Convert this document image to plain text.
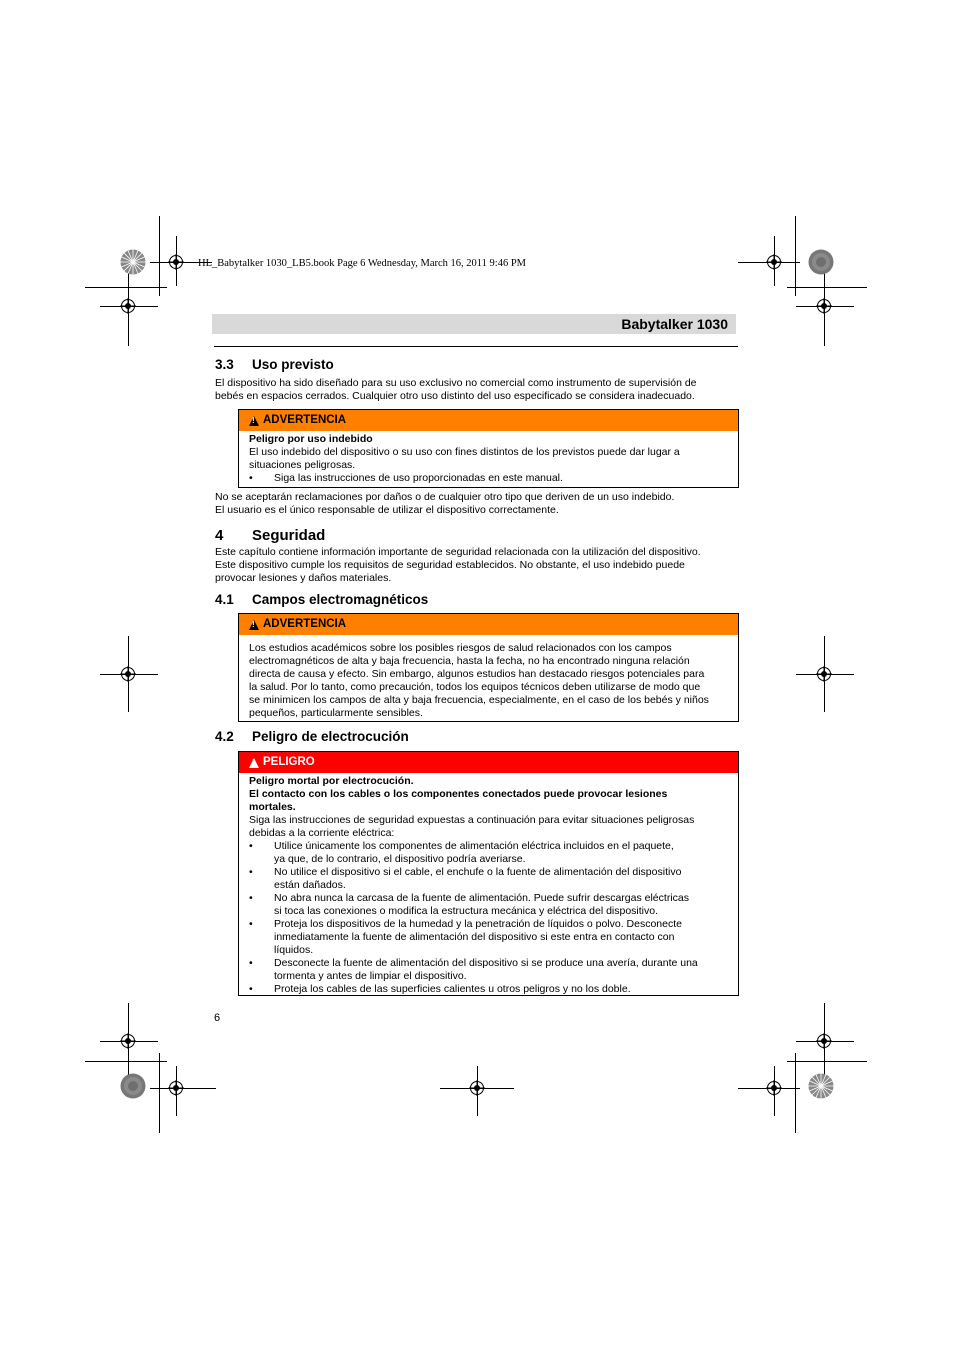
HL_Babytalker 1030_LB5.book Page 6 Wednesday, March 16, 2011 9:46 PM
Babytalker 1030
3.3 Uso previsto

El dispositivo ha sido diseñado para su uso exclusivo no comercial como instrumento de supervisión de

bebés en espacios cerrados. Cualquier otro uso distinto del uso especificado se considera inadecuado.

!
ADVERTENCIA
Peligro por uso indebido
El uso indebido del dispositivo o su uso con fines distintos de los previstos puede dar lugar a
situaciones peligrosas.
• Siga las instrucciones de uso proporcionadas en este manual.

No se aceptarán reclamaciones por daños o de cualquier otro tipo que deriven de un uso indebido.

El usuario es el único responsable de utilizar el dispositivo correctamente.

4 Seguridad

Este capítulo contiene información importante de seguridad relacionada con la utilización del dispositivo.

Este dispositivo cumple los requisitos de seguridad establecidos. No obstante, el uso indebido puede

provocar lesiones y daños materiales.

4.1 Campos electromagnéticos
!
ADVERTENCIA
Los estudios académicos sobre los posibles riesgos de salud relacionados con los campos
electromagnéticos de alta y baja frecuencia, hasta la fecha, no ha encontrado ninguna relación
directa de causa y efecto. Sin embargo, algunos estudios han destacado riesgos potenciales para
la salud. Por lo tanto, como precaución, todos los equipos técnicos deben utilizarse de modo que
se minimicen los campos de alta y baja frecuencia, especialmente, en el caso de los bebés y niños
pequeños, particularmente sensibles.
4.2 Peligro de electrocución
!
PELIGRO
Peligro mortal por electrocución.
El contacto con los cables o los componentes conectados puede provocar lesiones
mortales.
Siga las instrucciones de seguridad expuestas a continuación para evitar situaciones peligrosas
debidas a la corriente eléctrica:
• Utilice únicamente los componentes de alimentación eléctrica incluidos en el paquete,
ya que, de lo contrario, el dispositivo podría averiarse.
• No utilice el dispositivo si el cable, el enchufe o la fuente de alimentación del dispositivo
están dañados.
• No abra nunca la carcasa de la fuente de alimentación. Puede sufrir descargas eléctricas
si toca las conexiones o modifica la estructura mecánica y eléctrica del dispositivo.
• Proteja los dispositivos de la humedad y la penetración de líquidos o polvo. Desconecte
inmediatamente la fuente de alimentación del dispositivo si este entra en contacto con
líquidos.
• Desconecte la fuente de alimentación del dispositivo si se produce una avería, durante una
tormenta y antes de limpiar el dispositivo.
• Proteja los cables de las superficies calientes u otros peligros y no los doble.
6
